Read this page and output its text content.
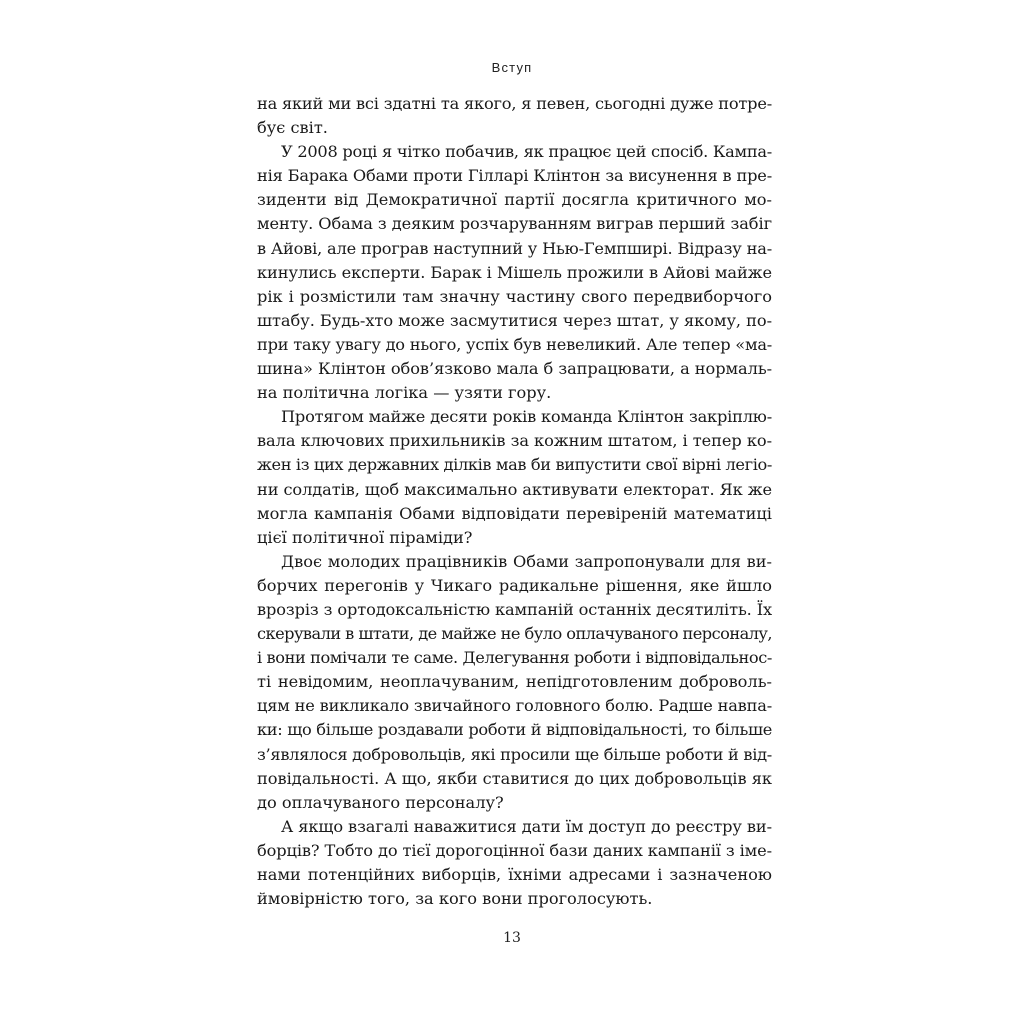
Вступ
на який ми всі здатні та якого, я певен, сьогодні дуже потре-
бує світ.
У 2008 році я чітко побачив, як працює цей спосіб. Кампа-
нія Барака Обами проти Гілларі Клінтон за висунення в пре-
зиденти від Демократичної партії досягла критичного мо-
менту. Обама з деяким розчаруванням виграв перший забіг
в Айові, але програв наступний у Нью-Гемпширі. Відразу на-
кинулись експерти. Барак і Мішель прожили в Айові майже
рік і розмістили там значну частину свого передвиборчого
штабу. Будь-хто може засмутитися через штат, у якому, по-
при таку увагу до нього, успіх був невеликий. Але тепер «ма-
шина» Клінтон обов’язково мала б запрацювати, а нормаль-
на політична логіка — узяти гору.
Протягом майже десяти років команда Клінтон закріплю-
вала ключових прихильників за кожним штатом, і тепер ко-
жен із цих державних ділків мав би випустити свої вірні легіо-
ни солдатів, щоб максимально активувати електорат. Як же
могла кампанія Обами відповідати перевіреній математиці
цієї політичної піраміди?
Двоє молодих працівників Обами запропонували для ви-
борчих перегонів у Чикаго радикальне рішення, яке йшло
врозріз з ортодоксальністю кампаній останніх десятиліть. Їх
скерували в штати, де майже не було оплачуваного персоналу,
і вони помічали те саме. Делегування роботи і відповідальнос-
ті невідомим, неоплачуваним, непідготовленим доброволь-
цям не викликало звичайного головного болю. Радше навпа-
ки: що більше роздавали роботи й відповідальності, то більше
з’являлося добровольців, які просили ще більше роботи й від-
повідальності. А що, якби ставитися до цих добровольців як
до оплачуваного персоналу?
А якщо взагалі наважитися дати їм доступ до реєстру ви-
борців? Тобто до тієї дорогоцінної бази даних кампанії з іме-
нами потенційних виборців, їхніми адресами і зазначеною
ймовірністю того, за кого вони проголосують.
13
